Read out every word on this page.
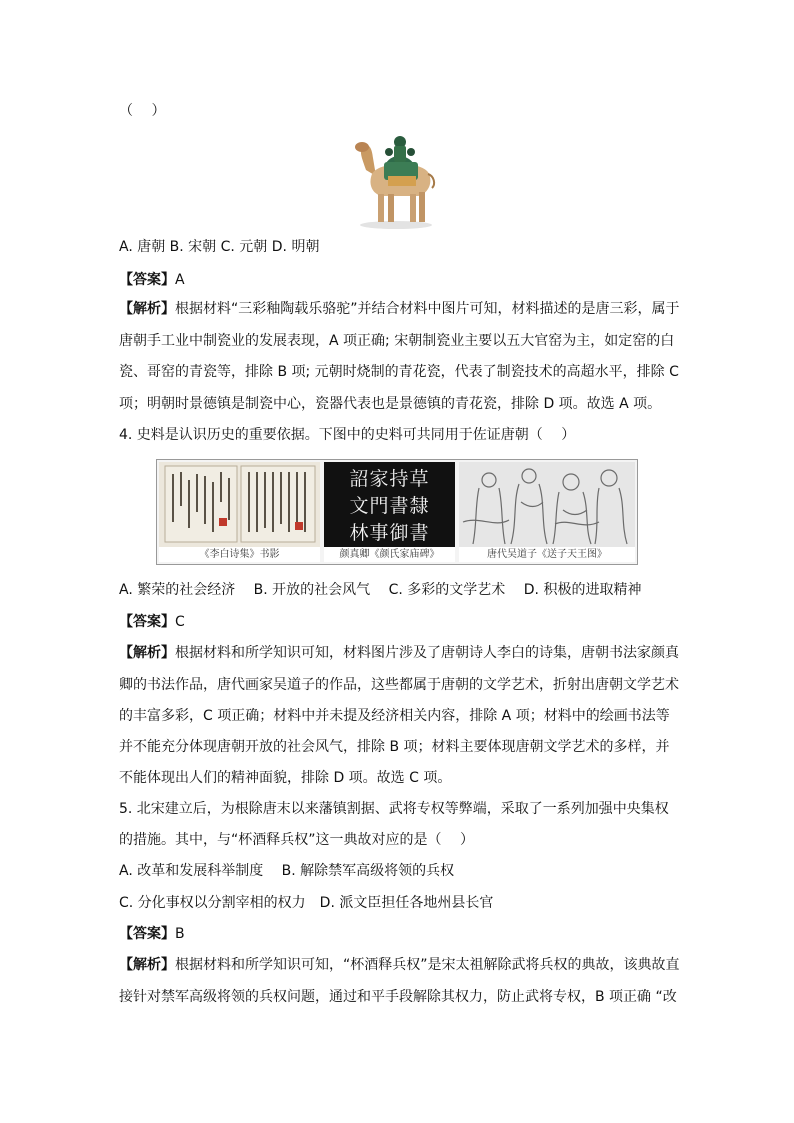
（　 ）
A. 唐朝 B. 宋朝 C. 元朝 D. 明朝
【答案】A
【解析】根据材料“三彩釉陶载乐骆驼”并结合材料中图片可知，材料描述的是唐三彩，属于
唐朝手工业中制瓷业的发展表现，A 项正确; 宋朝制瓷业主要以五大官窑为主，如定窑的白
瓷、哥窑的青瓷等，排除 B 项; 元朝时烧制的青花瓷，代表了制瓷技术的高超水平，排除 C
项；明朝时景德镇是制瓷中心，瓷器代表也是景德镇的青花瓷，排除 D 项。故选 A 项。
4. 史料是认识历史的重要依据。下图中的史料可共同用于佐证唐朝（　 ）
《李白诗集》书影
詔家持草
文門書隸
林事御書
颜真卿《颜氏家庙碑》	唐代吴道子《送子天王图》
A. 繁荣的社会经济　 B. 开放的社会风气　 C. 多彩的文学艺术　 D. 积极的进取精神
【答案】C
【解析】根据材料和所学知识可知，材料图片涉及了唐朝诗人李白的诗集，唐朝书法家颜真
卿的书法作品，唐代画家吴道子的作品，这些都属于唐朝的文学艺术，折射出唐朝文学艺术
的丰富多彩，C 项正确；材料中并未提及经济相关内容，排除 A 项；材料中的绘画书法等
并不能充分体现唐朝开放的社会风气，排除 B 项；材料主要体现唐朝文学艺术的多样，并
不能体现出人们的精神面貌，排除 D 项。故选 C 项。
5. 北宋建立后，为根除唐末以来藩镇割据、武将专权等弊端，采取了一系列加强中央集权
的措施。其中，与“杯酒释兵权”这一典故对应的是（　 ）
A. 改革和发展科举制度　 B. 解除禁军高级将领的兵权
C. 分化事权以分割宰相的权力　D. 派文臣担任各地州县长官
【答案】B
【解析】根据材料和所学知识可知，“杯酒释兵权”是宋太祖解除武将兵权的典故，该典故直
接针对禁军高级将领的兵权问题，通过和平手段解除其权力，防止武将专权，B 项正确 “改
